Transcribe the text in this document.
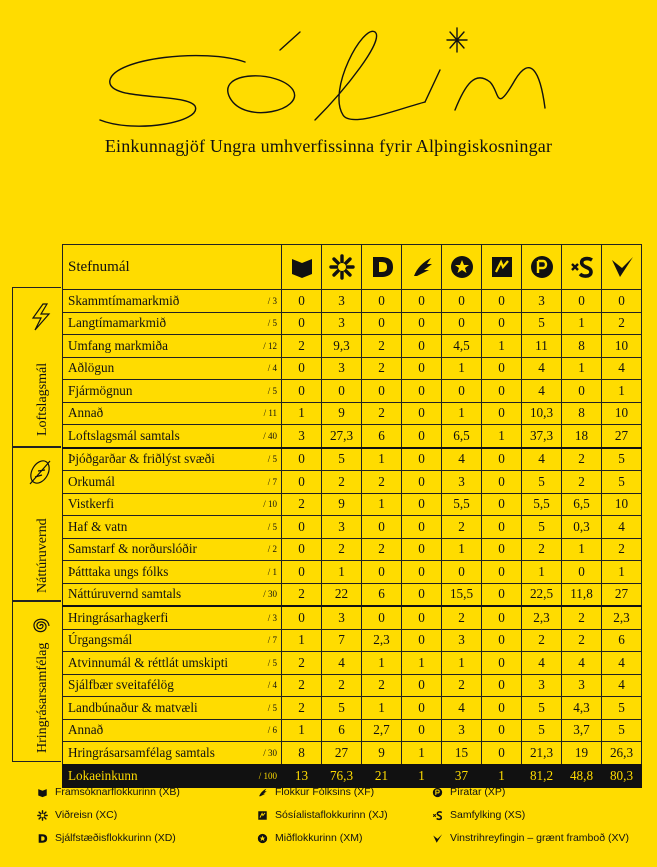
Einkunnagjöf Ungra umhverfissinna fyrir Alþingiskosningar
Loftslagsmál
Náttúruvernd
Hringrásarsamfélag
Stefnumál	

Skammtímamarkmið	/ 3	0	3	0	0	0	0	3	0	0
Langtímamarkmið	/ 5	0	3	0	0	0	0	5	1	2
Umfang markmiða	/ 12	2	9,3	2	0	4,5	1	11	8	10
Aðlögun	/ 4	0	3	2	0	1	0	4	1	4
Fjármögnun	/ 5	0	0	0	0	0	0	4	0	1
Annað	/ 11	1	9	2	0	1	0	10,3	8	10
Loftslagsmál samtals	/ 40	3	27,3	6	0	6,5	1	37,3	18	27
Þjóðgarðar & friðlýst svæði	/ 5	0	5	1	0	4	0	4	2	5
Orkumál	/ 7	0	2	2	0	3	0	5	2	5
Vistkerfi	/ 10	2	9	1	0	5,5	0	5,5	6,5	10
Haf & vatn	/ 5	0	3	0	0	2	0	5	0,3	4
Samstarf & norðurslóðir	/ 2	0	2	2	0	1	0	2	1	2
Þátttaka ungs fólks	/ 1	0	1	0	0	0	0	1	0	1
Náttúruvernd samtals	/ 30	2	22	6	0	15,5	0	22,5	11,8	27
Hringrásarhagkerfi	/ 3	0	3	0	0	2	0	2,3	2	2,3
Úrgangsmál	/ 7	1	7	2,3	0	3	0	2	2	6
Atvinnumál & réttlát umskipti	/ 5	2	4	1	1	1	0	4	4	4
Sjálfbær sveitafélög	/ 4	2	2	2	0	2	0	3	3	4
Landbúnaður & matvæli	/ 5	2	5	1	0	4	0	5	4,3	5
Annað	/ 6	1	6	2,7	0	3	0	5	3,7	5
Hringrásarsamfélag samtals	/ 30	8	27	9	1	15	0	21,3	19	26,3
Lokaeinkunn	/ 100	13	76,3	21	1	37	1	81,2	48,8	80,3
Framsóknarflokkurinn (XB)	Flokkur Fólksins (XF)	Píratar (XP)
Viðreisn (XC)	Sósíalistaflokkurinn (XJ)	Samfylking (XS)
Sjálfstæðisflokkurinn (XD)	Miðflokkurinn (XM)	Vinstrihreyfingin – grænt framboð (XV)
